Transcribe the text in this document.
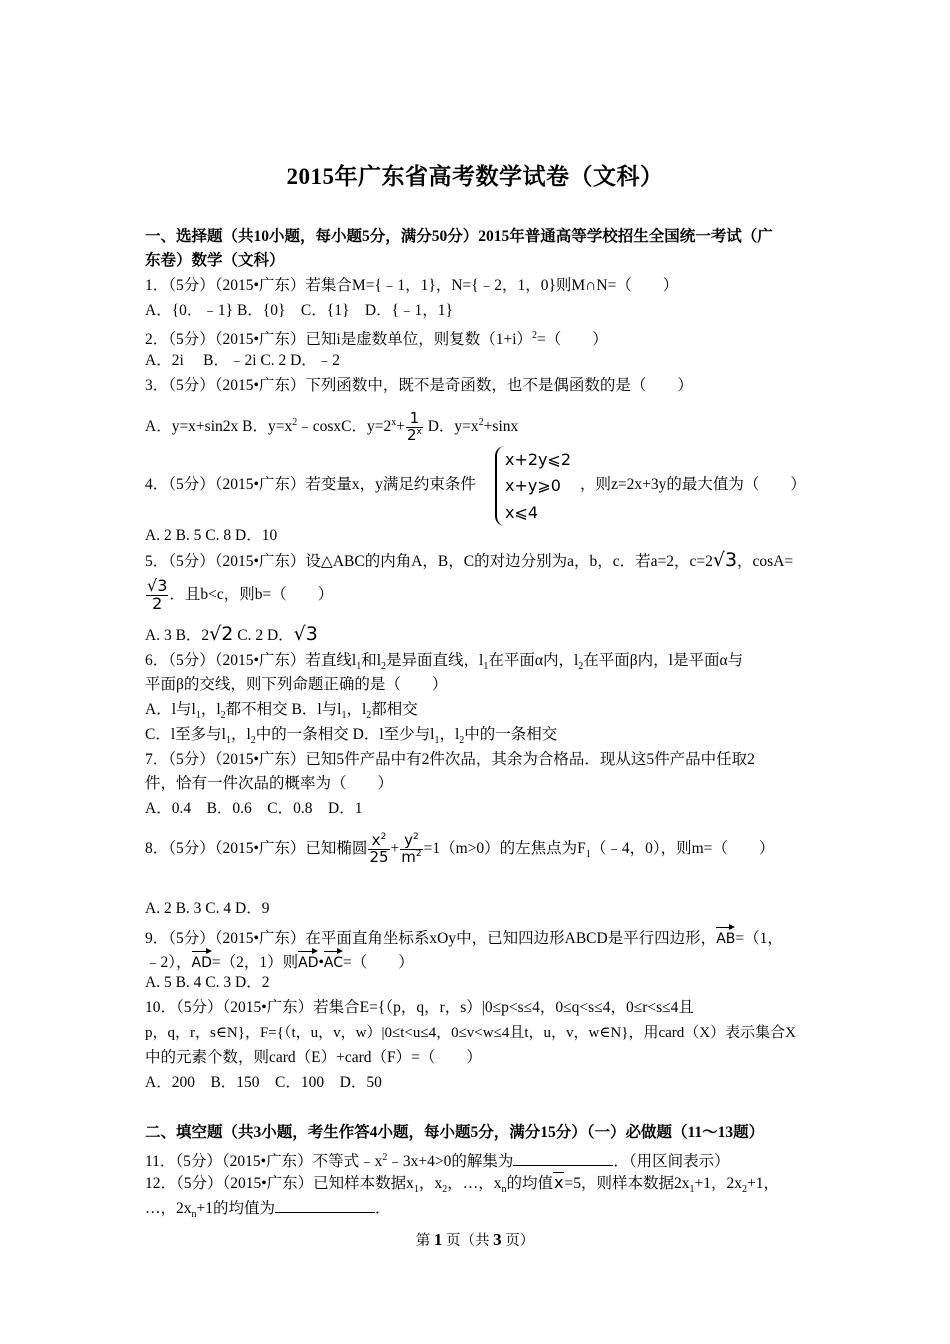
2015年广东省高考数学试卷（文科）
一、选择题（共10小题，每小题5分，满分50分）2015年普通高等学校招生全国统一考试（广
东卷）数学（文科）
1．（5分）（2015•广东）若集合M={﹣1，1}，N={﹣2，1，0}则M∩N=（　　）
A．{0．﹣1} B．{0}　C．{1}　D．{﹣1，1}
2．（5分）（2015•广东）已知i是虚数单位，则复数$(1+i)^2=$（　　）
A．2i　 B．﹣2i C. 2 D．﹣2
3．（5分）（2015•广东）下列函数中，既不是奇函数，也不是偶函数的是（　　）
A．y=x+sin2x B．$y=x^2﹣cosxC$．$y=2^x+ \frac{1}{2^x}$ D．$y=x^2+\sin x$
4．（5分）（2015•广东）若变量x，y满足约束条件
x+2y⩽2
x+y⩾0
x⩽4
，则z=2x+3y的最大值为（　　）
A. 2 B. 5 C. 8 D．10
5．（5分）（2015•广东）设△ABC的内角A，B，C的对边分别为a，b，c．若a=2，c=2√3，cosA=
$\frac{√3}{2}$ ．且b<c，则b=（　　）
A. 3 B．2√2 C. 2 D．√3
6．（5分）（2015•广东）若直线$l_1$和$l_2$是异面直线，$l_1$在平面α内，$l_2$在平面β内，l是平面α与
平面β的交线，则下列命题正确的是（　　）
A．l与$l_1$，$l_2$都不相交 B．l与$l_1$，$l_2$都相交
C．l至多与$l_1$，$l_2$中的一条相交 D．l至少与$l_1$，$l_2$中的一条相交
7．（5分）（2015•广东）已知5件产品中有2件次品，其余为合格品．现从这5件产品中任取2
件，恰有一件次品的概率为（　　）
A．0.4　B．0.6　C．0.8　D．1
8．（5分）（2015•广东）已知椭圆 $\frac{x^2}{25} + \frac{y^2}{m^2} =1(m>0)$的左焦点为$F_1(﹣4$，0），则m=（　　）
A. 2 B. 3 C. 4 D．9
9．（5分）（2015•广东）在平面直角坐标系xOy中，已知四边形ABCD是平行四边形，AB=（1，
﹣2），AD=（2，1）则AD•AC=（　　）
A. 5 B. 4 C. 3 D．2
10．（5分）（2015•广东）若集合E={（p，q，r，s）|0≤p<s≤4，0≤q<s≤4，0≤r<s≤4且
p，q，r，s∈N}，F={（t，u，v，w）|0≤t<u≤4，0≤v<w≤4且t，u，v，w∈N}，用card（X）表示集合X
中的元素个数，则card（E）+card（F）=（　　）
A．200　B．150　C．100　D．50
二、填空题（共3小题，考生作答4小题，每小题5分，满分15分）（一）必做题（11～13题）
11．（5分）（2015•广东）不等式$﹣x^2﹣3x+4>0$的解集为	．（用区间表示）
12．（5分）（2015•广东）已知样本数据$x_1$，$x_2$，…，$x_n$的均值x=5，则样本数据$2x_1+1$，$2x_2+1$，
…，$2x_n+1$的均值为	．
第 1 页（共 3 页）
